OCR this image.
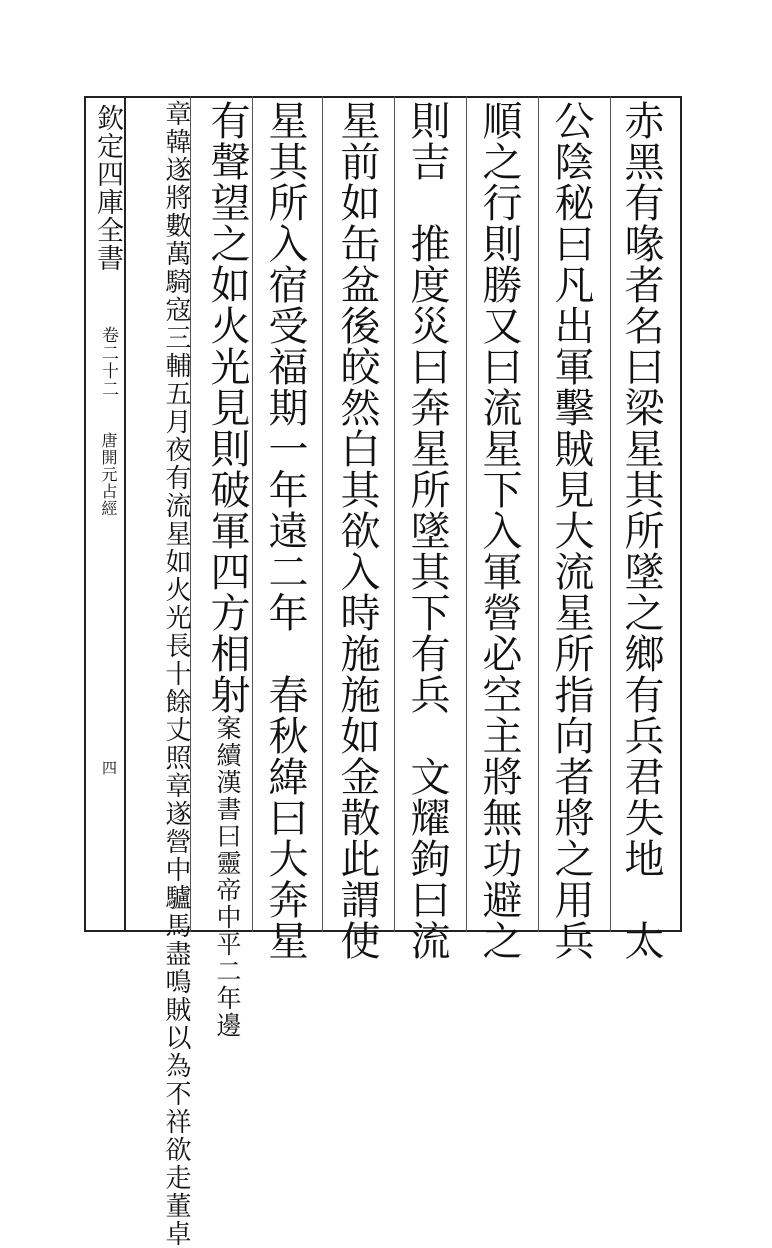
欽定四庫全書
卷二十二
唐開元占經
四	赤黑有喙者名曰梁星其所墜之鄉有兵君失地　太
公陰秘曰凡出軍擊賊見大流星所指向者將之用兵
順之行則勝又曰流星下入軍營必空主將無功避之
則吉　推度災曰奔星所墜其下有兵　文耀鉤曰流
星前如缶盆後皎然白其欲入時施施如金散此謂使
星其所入宿受福期一年遠二年　春秋緯曰大奔星
有聲望之如火光見則破軍四方相射案續漢書曰靈帝中平二年邊
章韓遂將數萬騎寇三輔五月夜有流星如火光長十餘丈照章遂營中驢馬盡鳴賊以為不祥欲走董卓
